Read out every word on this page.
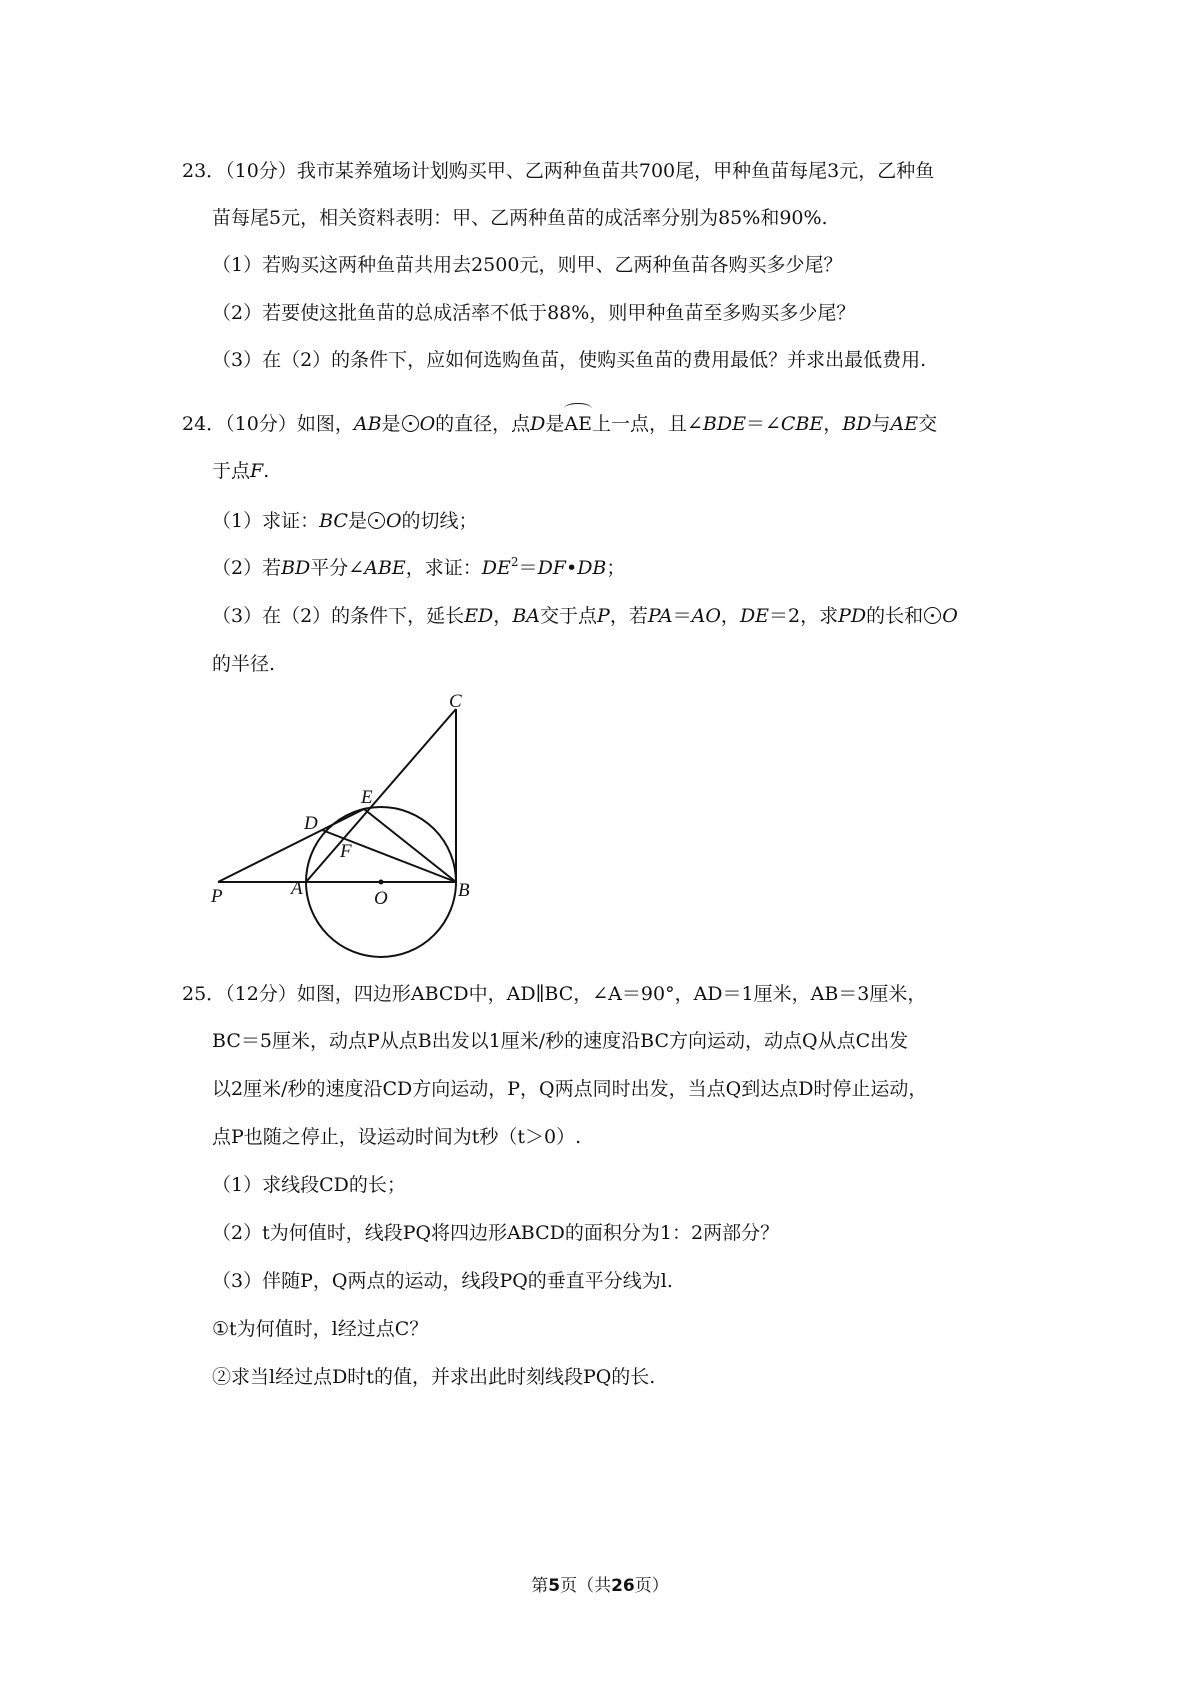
23．（10分）我市某养殖场计划购买甲、乙两种鱼苗共700尾，甲种鱼苗每尾3元，乙种鱼
苗每尾5元，相关资料表明：甲、乙两种鱼苗的成活率分别为85%和90%.
（1）若购买这两种鱼苗共用去2500元，则甲、乙两种鱼苗各购买多少尾？
（2）若要使这批鱼苗的总成活率不低于88%，则甲种鱼苗至多购买多少尾？
（3）在（2）的条件下，应如何选购鱼苗，使购买鱼苗的费用最低？并求出最低费用.
24．（10分）如图，AB是 O的直径，点D是AE上一点，且∠BDE＝∠CBE，BD与AE交
于点F.
（1）求证：BC是 O的切线；
（2）若BD平分∠ABE，求证：$DE^2=DF•DB$；
（3）在（2）的条件下，延长ED，BA交于点P，若PA＝AO，DE＝2，求PD的长和 O
的半径.
C
E
D
F
P	A	O	B
25．（12分）如图，四边形ABCD中，AD∥BC，∠A＝90°，AD＝1厘米，AB＝3厘米，
BC＝5厘米，动点P从点B出发以1厘米/秒的速度沿BC方向运动，动点Q从点C出发
以2厘米/秒的速度沿CD方向运动，P，Q两点同时出发，当点Q到达点D时停止运动，
点P也随之停止，设运动时间为t秒（t＞0）.
（1）求线段CD的长；
（2）t为何值时，线段PQ将四边形ABCD的面积分为1：2两部分？
（3）伴随P，Q两点的运动，线段PQ的垂直平分线为l.
①t为何值时，l经过点C？
②求当l经过点D时t的值，并求出此时刻线段PQ的长.
第5页（共26页）
